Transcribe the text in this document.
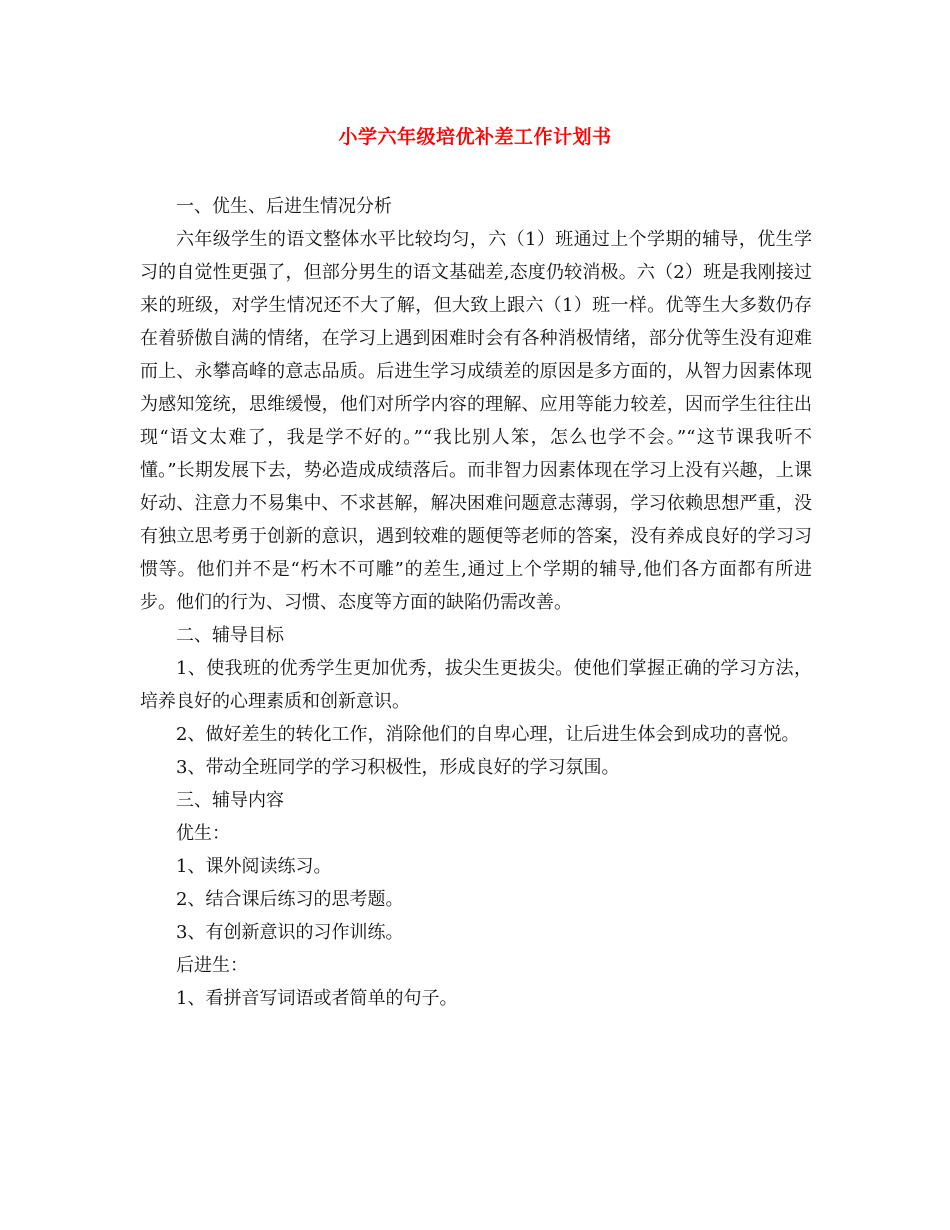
小学六年级培优补差工作计划书

一、优生、后进生情况分析

六年级学生的语文整体水平比较均匀，六（1）班通过上个学期的辅导，优生学习的自觉性更强了，但部分男生的语文基础差,态度仍较消极。六（2）班是我刚接过来的班级，对学生情况还不大了解，但大致上跟六（1）班一样。优等生大多数仍存在着骄傲自满的情绪，在学习上遇到困难时会有各种消极情绪，部分优等生没有迎难而上、永攀高峰的意志品质。后进生学习成绩差的原因是多方面的，从智力因素体现为感知笼统，思维缓慢，他们对所学内容的理解、应用等能力较差，因而学生往往出现“语文太难了，我是学不好的。”“我比别人笨，怎么也学不会。”“这节课我听不懂。”长期发展下去，势必造成成绩落后。而非智力因素体现在学习上没有兴趣，上课好动、注意力不易集中、不求甚解，解决困难问题意志薄弱，学习依赖思想严重，没有独立思考勇于创新的意识，遇到较难的题便等老师的答案，没有养成良好的学习习惯等。他们并不是“朽木不可雕”的差生,通过上个学期的辅导,他们各方面都有所进步。他们的行为、习惯、态度等方面的缺陷仍需改善。

二、辅导目标

1、使我班的优秀学生更加优秀，拔尖生更拔尖。使他们掌握正确的学习方法，培养良好的心理素质和创新意识。

2、做好差生的转化工作，消除他们的自卑心理，让后进生体会到成功的喜悦。

3、带动全班同学的学习积极性，形成良好的学习氛围。

三、辅导内容

优生：

1、课外阅读练习。

2、结合课后练习的思考题。

3、有创新意识的习作训练。

后进生：

1、看拼音写词语或者简单的句子。
